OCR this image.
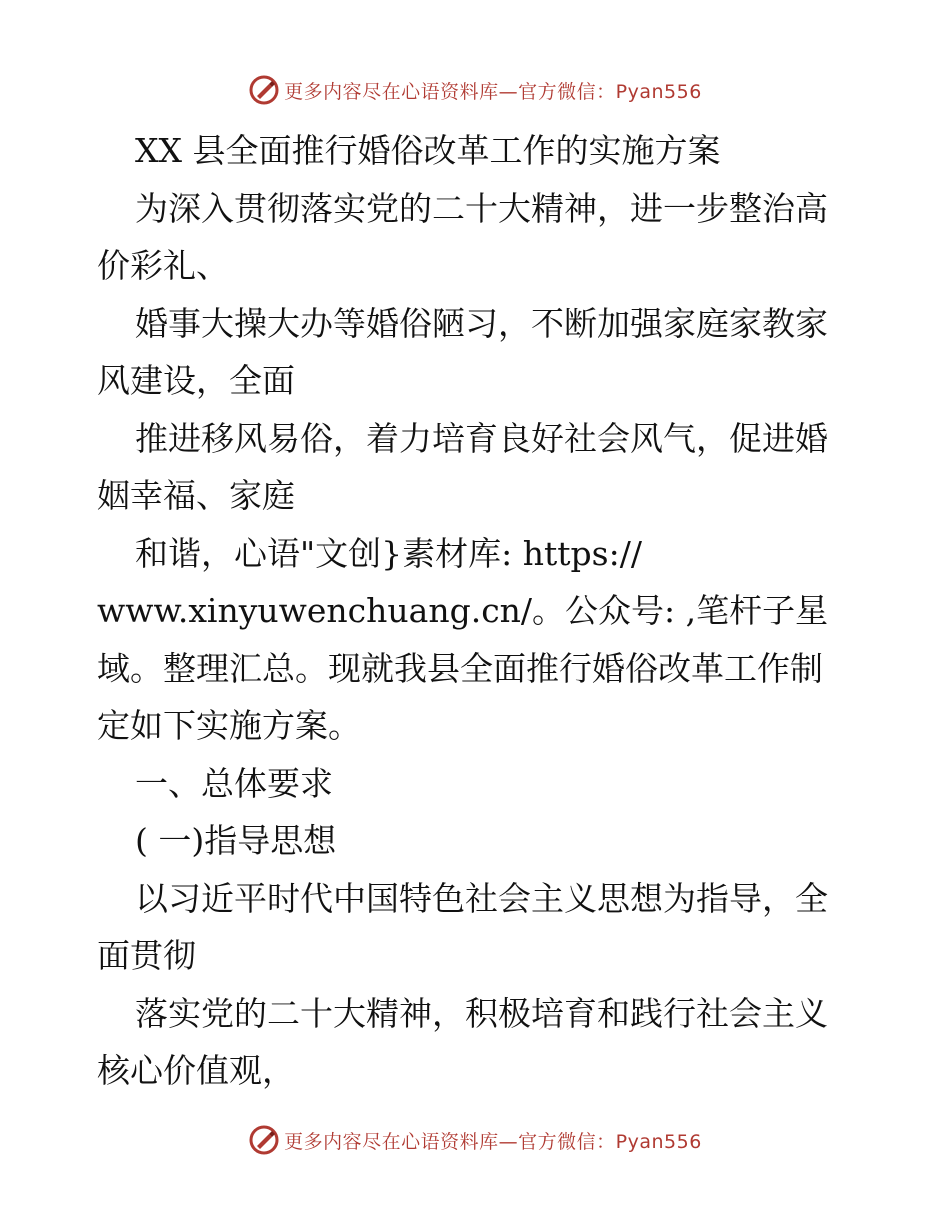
更多内容尽在心语资料库—官方微信：Pyan556
XX 县全面推行婚俗改革工作的实施方案
为深入贯彻落实党的二十大精神，进一步整治高
价彩礼、
婚事大操大办等婚俗陋习，不断加强家庭家教家
风建设，全面
推进移风易俗，着力培育良好社会风气，促进婚
姻幸福、家庭
和谐，心语"文创}素材库: https://
www.xinyuwenchuang.cn/。公众号: ,笔杆子星
域。整理汇总。现就我县全面推行婚俗改革工作制
定如下实施方案。
一、总体要求
( 一)指导思想
以习近平时代中国特色社会主义思想为指导，全
面贯彻
落实党的二十大精神，积极培育和践行社会主义
核心价值观，
更多内容尽在心语资料库—官方微信：Pyan556
